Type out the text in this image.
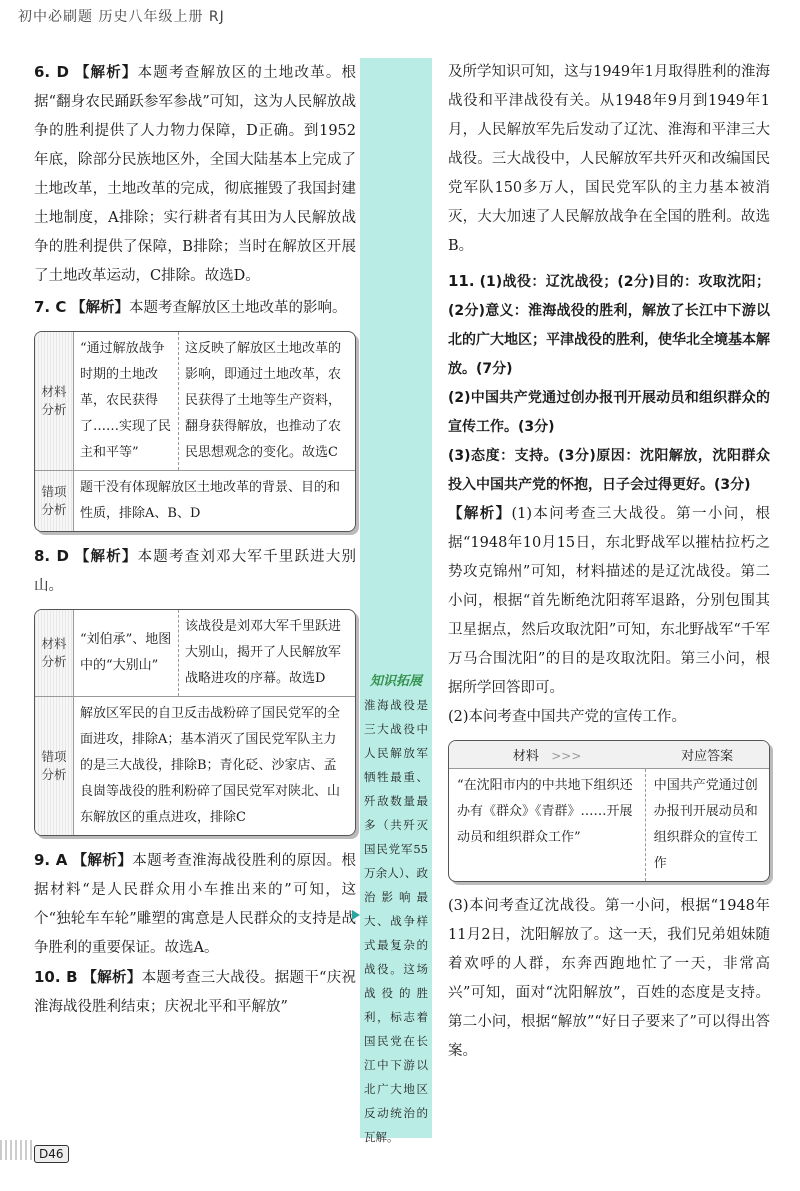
初中必刷题 历史八年级上册 RJ

6. D 【解析】本题考查解放区的土地改革。根据“翻身农民踊跃参军参战”可知，这为人民解放战争的胜利提供了人力物力保障，D正确。到1952年底，除部分民族地区外，全国大陆基本上完成了土地改革，土地改革的完成，彻底摧毁了我国封建土地制度，A排除；实行耕者有其田为人民解放战争的胜利提供了保障，B排除；当时在解放区开展了土地改革运动，C排除。故选D。

7. C 【解析】本题考查解放区土地改革的影响。

材料分析	“通过解放战争时期的土地改革，农民获得了……实现了民主和平等”	这反映了解放区土地改革的影响，即通过土地改革，农民获得了土地等生产资料，翻身获得解放，也推动了农民思想观念的变化。故选C
错项分析	题干没有体现解放区土地改革的背景、目的和性质，排除A、B、D	

8. D 【解析】本题考查刘邓大军千里跃进大别山。

材料分析	“刘伯承”、地图中的“大别山”	该战役是刘邓大军千里跃进大别山，揭开了人民解放军战略进攻的序幕。故选D
错项分析	解放区军民的自卫反击战粉碎了国民党军的全面进攻，排除A；基本消灭了国民党军队主力的是三大战役，排除B；青化砭、沙家店、孟良崮等战役的胜利粉碎了国民党军对陕北、山东解放区的重点进攻，排除C	

9. A 【解析】本题考查淮海战役胜利的原因。根据材料“是人民群众用小车推出来的”可知，这个“独轮车车轮”雕塑的寓意是人民群众的支持是战争胜利的重要保证。故选A。

10. B 【解析】本题考查三大战役。据题干“庆祝淮海战役胜利结束；庆祝北平和平解放”

知识拓展
淮海战役是三大战役中人民解放军牺牲最重、歼敌数量最多（共歼灭国民党军55万余人）、政治影响最大、战争样式最复杂的战役。这场战役的胜利，标志着国民党在长江中下游以北广大地区反动统治的瓦解。

及所学知识可知，这与1949年1月取得胜利的淮海战役和平津战役有关。从1948年9月到1949年1月，人民解放军先后发动了辽沈、淮海和平津三大战役。三大战役中，人民解放军共歼灭和改编国民党军队150多万人，国民党军队的主力基本被消灭，大大加速了人民解放战争在全国的胜利。故选B。

11. (1)战役：辽沈战役；(2分)目的：攻取沈阳；(2分)意义：淮海战役的胜利，解放了长江中下游以北的广大地区；平津战役的胜利，使华北全境基本解放。(7分)

(2)中国共产党通过创办报刊开展动员和组织群众的宣传工作。(3分)

(3)态度：支持。(3分)原因：沈阳解放，沈阳群众投入中国共产党的怀抱，日子会过得更好。(3分)

【解析】(1)本问考查三大战役。第一小问，根据“1948年10月15日，东北野战军以摧枯拉朽之势攻克锦州”可知，材料描述的是辽沈战役。第二小问，根据“首先断绝沈阳蒋军退路，分别包围其卫星据点，然后攻取沈阳”可知，东北野战军“千军万马合围沈阳”的目的是攻取沈阳。第三小问，根据所学回答即可。

(2)本问考查中国共产党的宣传工作。

材料 >>>	对应答案
“在沈阳市内的中共地下组织还办有《群众》《青群》……开展动员和组织群众工作”	中国共产党通过创办报刊开展动员和组织群众的宣传工作

(3)本问考查辽沈战役。第一小问，根据“1948年11月2日，沈阳解放了。这一天，我们兄弟姐妹随着欢呼的人群，东奔西跑地忙了一天，非常高兴”可知，面对“沈阳解放”，百姓的态度是支持。第二小问，根据“解放”“好日子要来了”可以得出答案。

D46
